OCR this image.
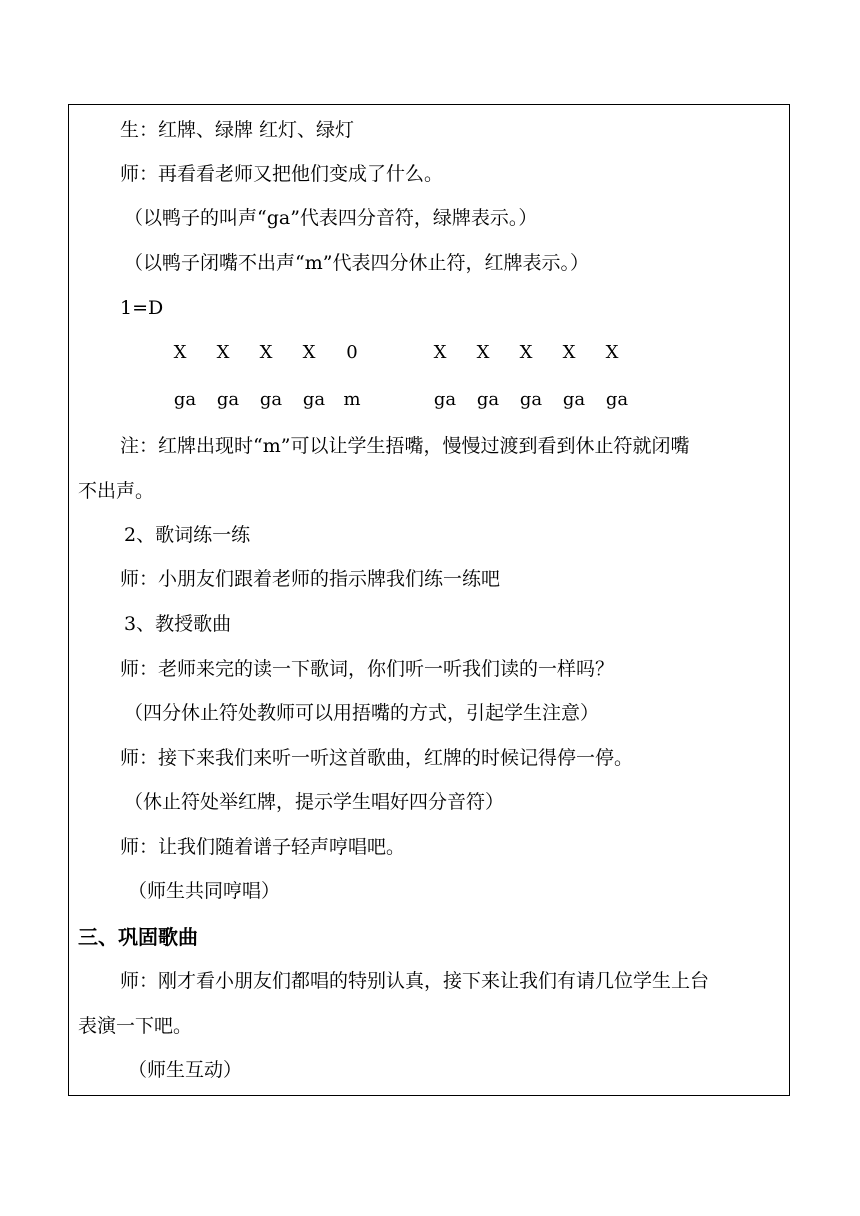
生：红牌、绿牌 红灯、绿灯
师：再看看老师又把他们变成了什么。
（以鸭子的叫声“ga”代表四分音符，绿牌表示。）
（以鸭子闭嘴不出声“m”代表四分休止符，红牌表示。）
1=D
X	X	X	X	0	X	X	X	X	X
ga	ga	ga	ga	m	ga	ga	ga	ga	ga
注：红牌出现时“m”可以让学生捂嘴，慢慢过渡到看到休止符就闭嘴
不出声。
2、歌词练一练
师：小朋友们跟着老师的指示牌我们练一练吧
3、教授歌曲
师：老师来完的读一下歌词，你们听一听我们读的一样吗？
（四分休止符处教师可以用捂嘴的方式，引起学生注意）
师：接下来我们来听一听这首歌曲，红牌的时候记得停一停。
（休止符处举红牌，提示学生唱好四分音符）
师：让我们随着谱子轻声哼唱吧。
（师生共同哼唱）
三、巩固歌曲
师：刚才看小朋友们都唱的特别认真，接下来让我们有请几位学生上台
表演一下吧。
（师生互动）
